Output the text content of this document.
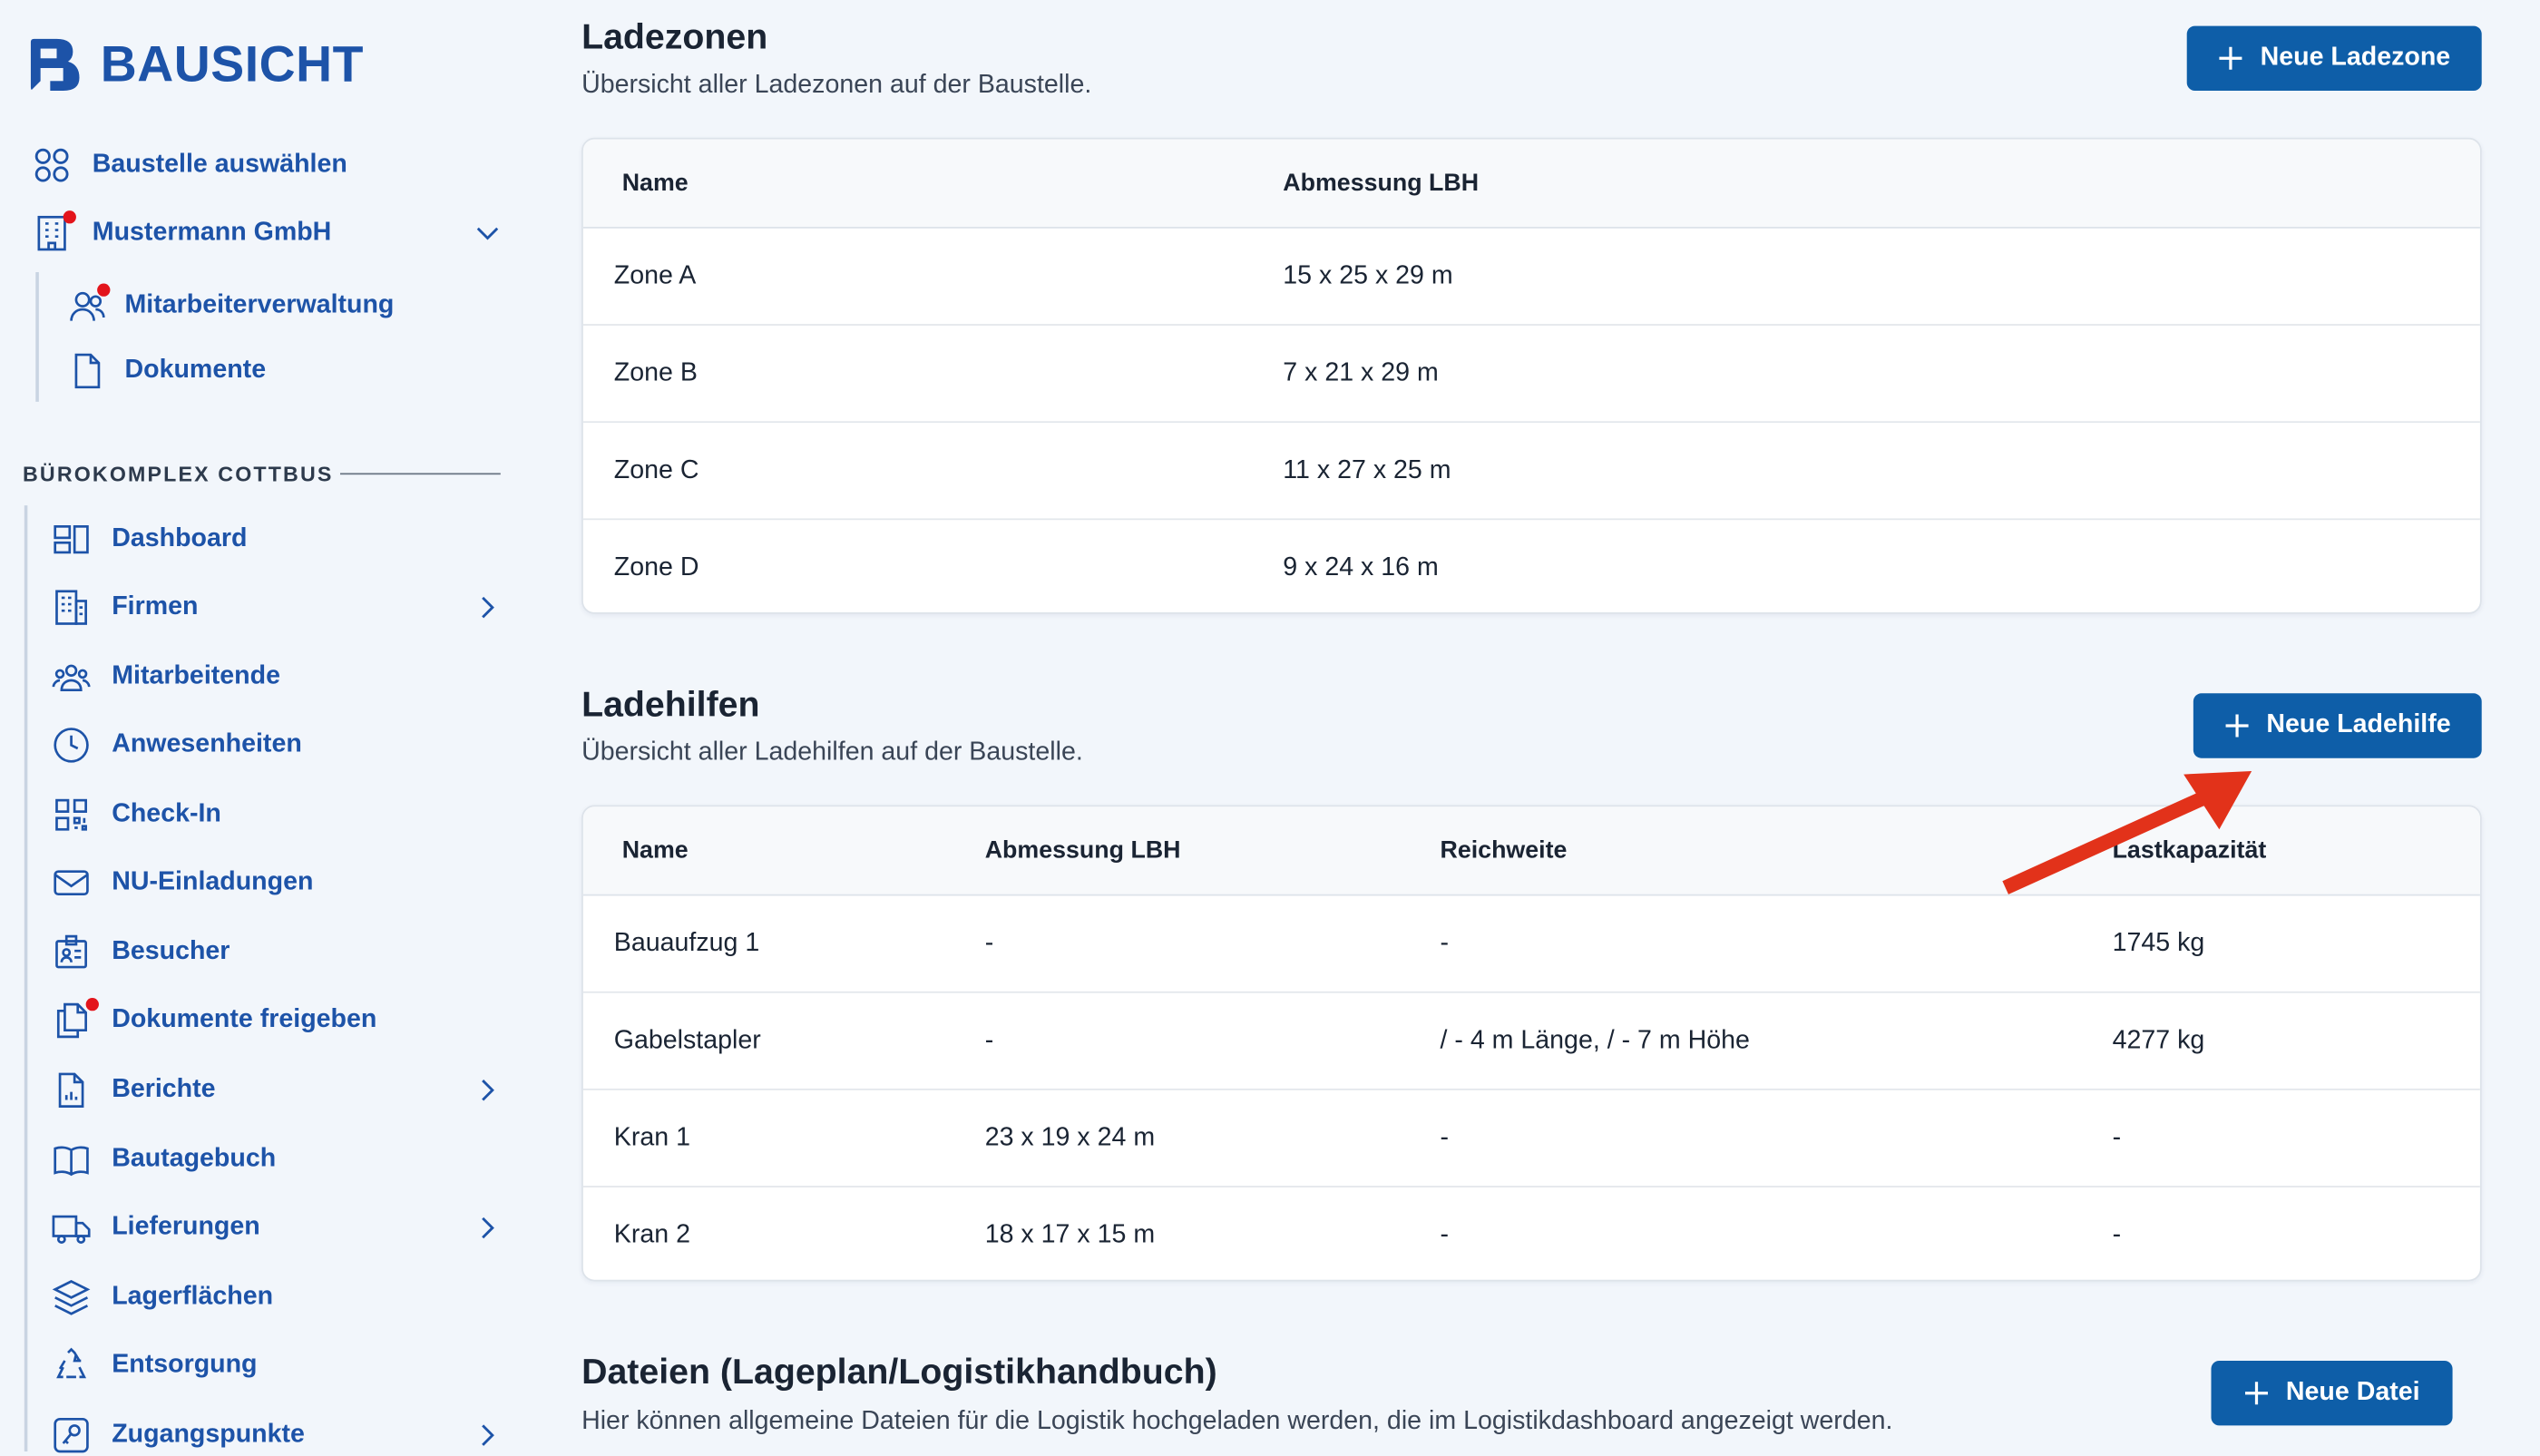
BAUSICHT
Baustelle auswählen
Mustermann GmbH
Mitarbeiterverwaltung
Dokumente
BÜROKOMPLEX COTTBUS
Dashboard
Firmen
Mitarbeitende
Anwesenheiten
Check-In
NU-Einladungen
Besucher
Dokumente freigeben
Berichte
Bautagebuch
Lieferungen
Lagerflächen
Entsorgung
Zugangspunkte
Ladezonen
Übersicht aller Ladezonen auf der Baustelle.
Neue Ladezone
Name	Abmessung LBH
Zone A	15 x 25 x 29 m
Zone B	7 x 21 x 29 m
Zone C	11 x 27 x 25 m
Zone D	9 x 24 x 16 m
Ladehilfen
Übersicht aller Ladehilfen auf der Baustelle.
Neue Ladehilfe
Name	Abmessung LBH	Reichweite	Lastkapazität
Bauaufzug 1	-	-	1745 kg
Gabelstapler	-	/ - 4 m Länge, / - 7 m Höhe	4277 kg
Kran 1	23 x 19 x 24 m	-	-
Kran 2	18 x 17 x 15 m	-	-
Dateien (Lageplan/Logistikhandbuch)
Hier können allgemeine Dateien für die Logistik hochgeladen werden, die im Logistikdashboard angezeigt werden.
Neue Datei
